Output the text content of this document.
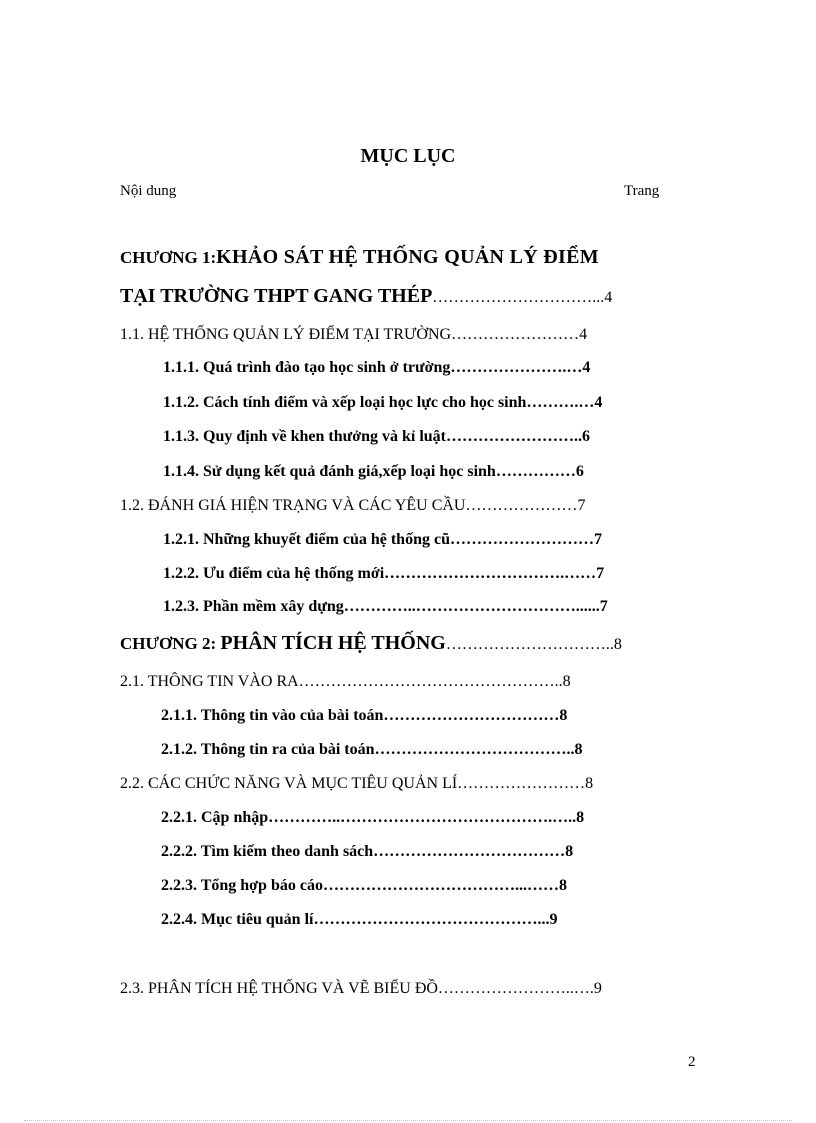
MỤC LỤC
Nội dung	Trang
CHƯƠNG 1:KHẢO SÁT HỆ THỐNG QUẢN LÝ ĐIỂM
TẠI TRƯỜNG THPT GANG THÉP…………………………...4
1.1. HỆ THỐNG QUẢN LÝ ĐIỂM TẠI TRƯỜNG……………………4
1.1.1. Quá trình đào tạo học sinh ở trường………………….…4
1.1.2. Cách tính điểm và xếp loại học lực cho học sinh……….…4
1.1.3. Quy định về khen thưởng và kỉ luật……………………..6
1.1.4. Sử dụng kết quả đánh giá,xếp loại học sinh……………6
1.2. ĐÁNH GIÁ HIỆN TRẠNG VÀ CÁC YÊU CẦU…………………7
1.2.1. Những khuyết điểm của hệ thống cũ………………………7
1.2.2. Ưu điểm của hệ thống mới…………………………….……7
1.2.3. Phần mềm xây dựng…………..…………………………......7
CHƯƠNG 2: PHÂN TÍCH HỆ THỐNG…………………………..8
2.1. THÔNG TIN VÀO RA…………………………………………..8
2.1.1. Thông tin vào của bài toán……………………………8
2.1.2. Thông tin ra của bài toán………………………………..8
2.2. CÁC CHỨC NĂNG VÀ MỤC TIÊU QUẢN LÍ……………………8
2.2.1. Cập nhập…………..………………………………….…..8
2.2.2. Tìm kiếm theo danh sách………………………………8
2.2.3. Tổng hợp báo cáo………………………………...……8
2.2.4. Mục tiêu quản lí……………………………………...9
2.3. PHÂN TÍCH HỆ THỐNG VÀ VẼ BIỂU ĐỒ……………………..….9
2
